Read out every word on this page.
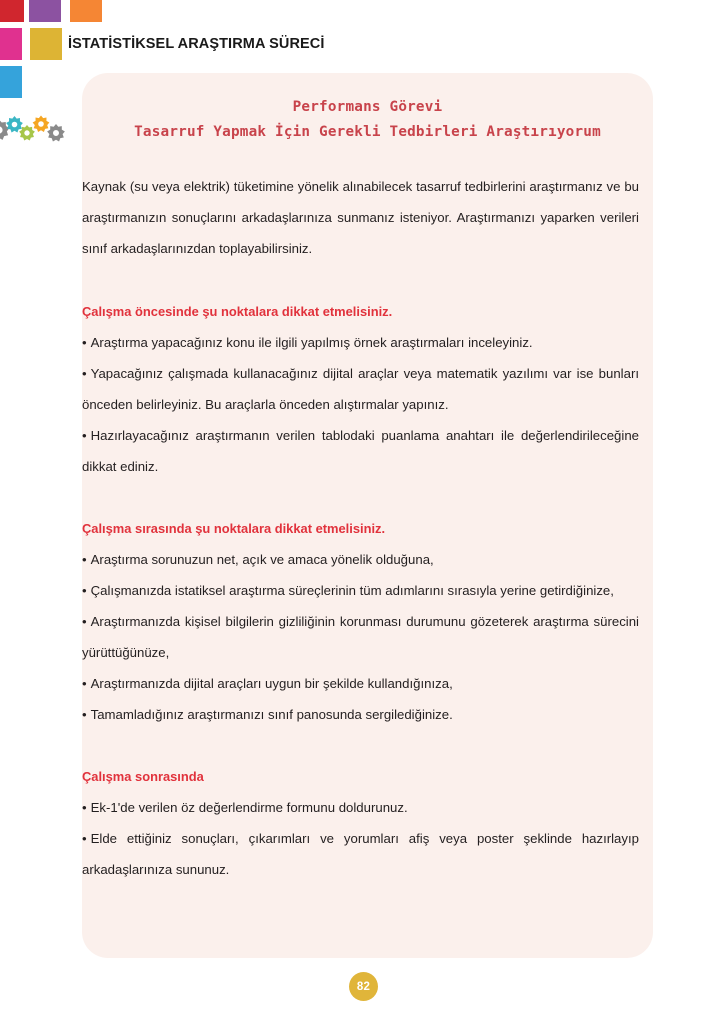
İSTATİSTİKSEL ARAŞTIRMA SÜRECİ
Performans Görevi
Tasarruf Yapmak İçin Gerekli Tedbirleri Araştırıyorum

Kaynak (su veya elektrik) tüketimine yönelik alınabilecek tasarruf tedbirlerini araştırmanız ve bu araştırmanızın sonuçlarını arkadaşlarınıza sunmanız isteniyor. Araştırmanızı yaparken verileri sınıf arkadaşlarınızdan toplayabilirsiniz.

Çalışma öncesinde şu noktalara dikkat etmelisiniz.

• Araştırma yapacağınız konu ile ilgili yapılmış örnek araştırmaları inceleyiniz.

• Yapacağınız çalışmada kullanacağınız dijital araçlar veya matematik yazılımı var ise bunları önceden belirleyiniz. Bu araçlarla önceden alıştırmalar yapınız.

• Hazırlayacağınız araştırmanın verilen tablodaki puanlama anahtarı ile değerlendirileceğine dikkat ediniz.

Çalışma sırasında şu noktalara dikkat etmelisiniz.

• Araştırma sorunuzun net, açık ve amaca yönelik olduğuna,

• Çalışmanızda istatiksel araştırma süreçlerinin tüm adımlarını sırasıyla yerine getirdiğinize,

• Araştırmanızda kişisel bilgilerin gizliliğinin korunması durumunu gözeterek araştırma sürecini yürüttüğünüze,

• Araştırmanızda dijital araçları uygun bir şekilde kullandığınıza,

• Tamamladığınız araştırmanızı sınıf panosunda sergilediğinize.

Çalışma sonrasında

• Ek-1'de verilen öz değerlendirme formunu doldurunuz.

• Elde ettiğiniz sonuçları, çıkarımları ve yorumları afiş veya poster şeklinde hazırlayıp arkadaşlarınıza sununuz.

82
